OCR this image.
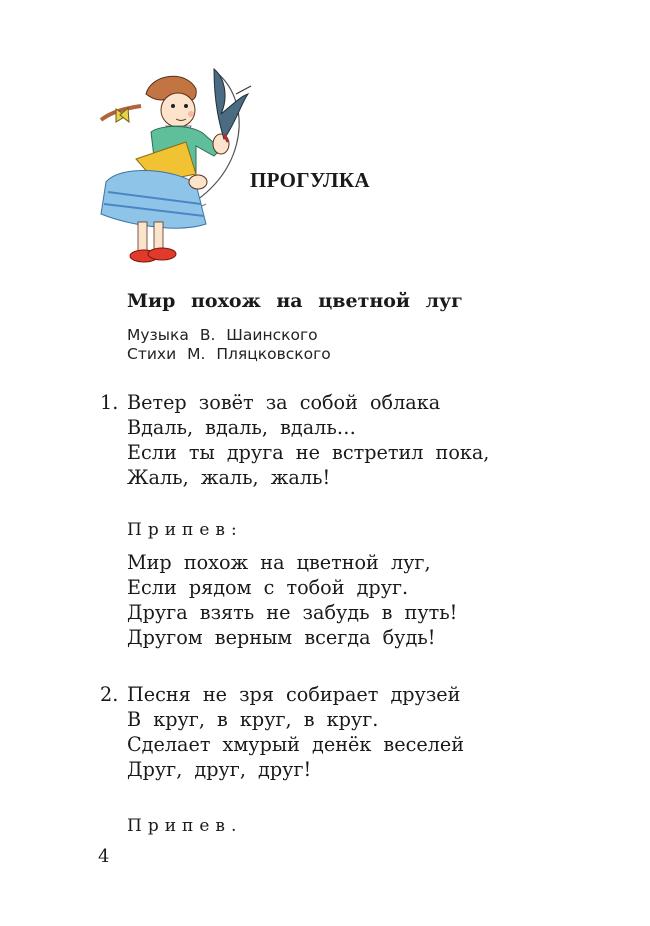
ПРОГУЛКА
Мир похож на цветной луг
Музыка В. Шаинского
Стихи М. Пляцковского
1. Ветер зовёт за собой облака
Вдаль, вдаль, вдаль…
Если ты друга не встретил пока,
Жаль, жаль, жаль!
Припев:
Мир похож на цветной луг,
Если рядом с тобой друг.
Друга взять не забудь в путь!
Другом верным всегда будь!
2. Песня не зря собирает друзей
В круг, в круг, в круг.
Сделает хмурый денёк веселей
Друг, друг, друг!
Припев.
4
